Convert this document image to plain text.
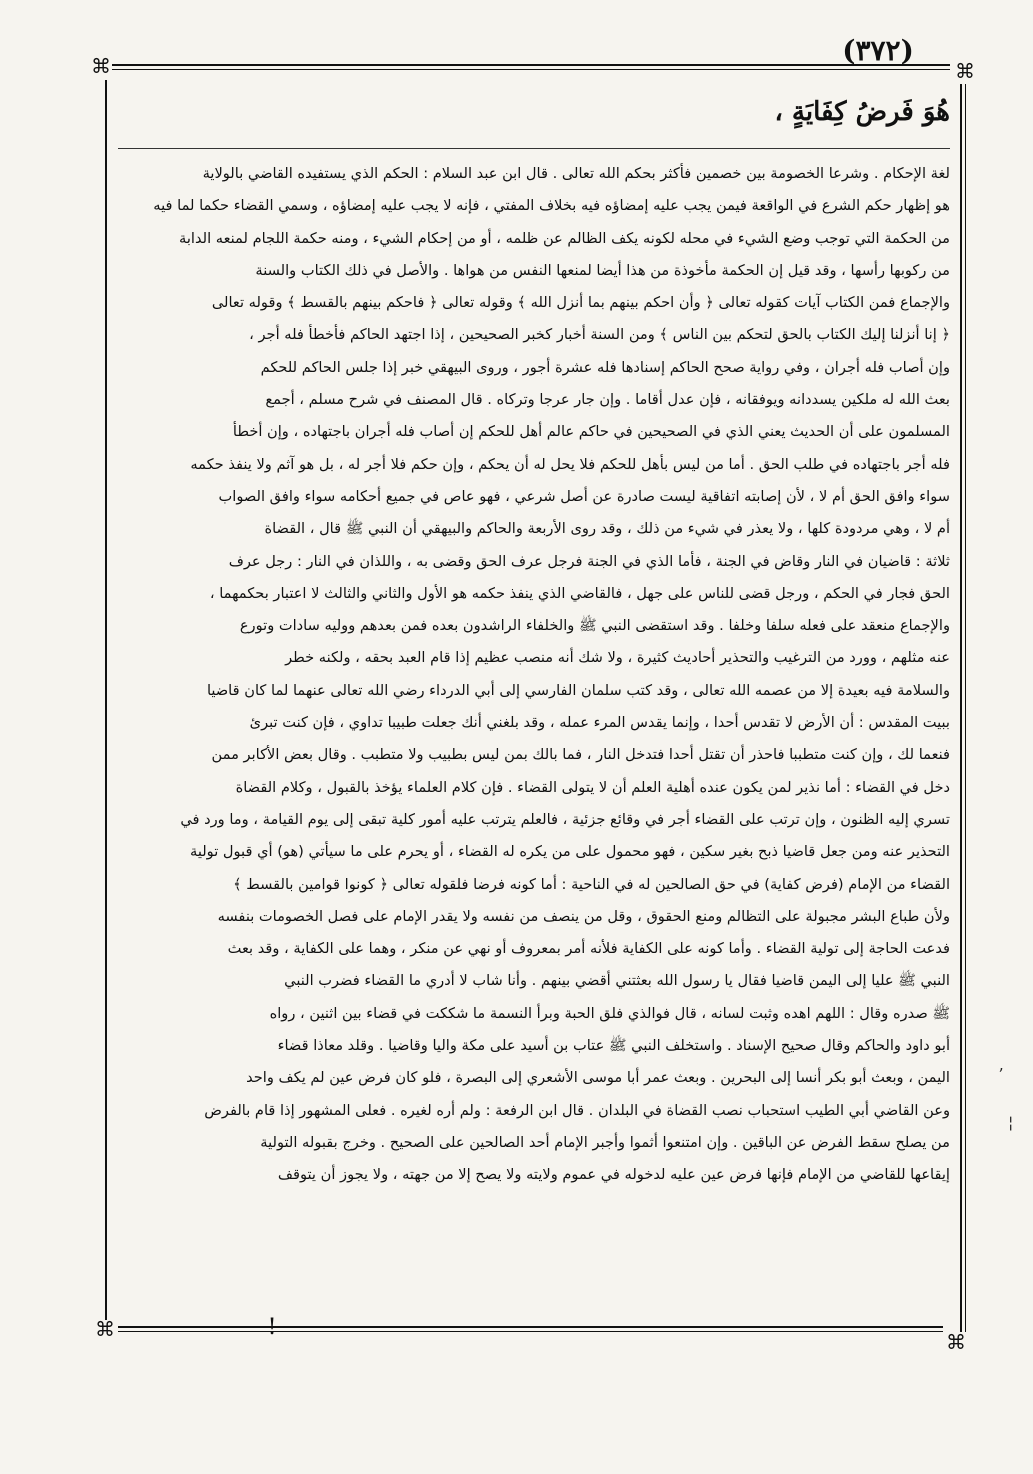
⌘	⌘
⌘
⌘
(٣٧٢)
هُوَ فَرضُ كِفَايَةٍ ،
لغة الإحكام . وشرعا الخصومة بين خصمين فأكثر بحكم الله تعالى . قال ابن عبد السلام : الحكم الذي يستفيده القاضي بالولاية
هو إظهار حكم الشرع في الواقعة فيمن يجب عليه إمضاؤه فيه بخلاف المفتي ، فإنه لا يجب عليه إمضاؤه ، وسمي القضاء حكما لما فيه
من الحكمة التي توجب وضع الشيء في محله لكونه يكف الظالم عن ظلمه ، أو من إحكام الشيء ، ومنه حكمة اللجام لمنعه الدابة
من ركوبها رأسها ، وقد قيل إن الحكمة مأخوذة من هذا أيضا لمنعها النفس من هواها . والأصل في ذلك الكتاب والسنة
والإجماع فمن الكتاب آيات كقوله تعالى ﴿ وأن احكم بينهم بما أنزل الله ﴾ وقوله تعالى ﴿ فاحكم بينهم بالقسط ﴾ وقوله تعالى
﴿ إنا أنزلنا إليك الكتاب بالحق لتحكم بين الناس ﴾ ومن السنة أخبار كخبر الصحيحين ، إذا اجتهد الحاكم فأخطأ فله أجر ،
وإن أصاب فله أجران ، وفي رواية صحح الحاكم إسنادها فله عشرة أجور ، وروى البيهقي خبر إذا جلس الحاكم للحكم
بعث الله له ملكين يسددانه ويوفقانه ، فإن عدل أقاما . وإن جار عرجا وتركاه . قال المصنف في شرح مسلم ، أجمع
المسلمون على أن الحديث يعني الذي في الصحيحين في حاكم عالم أهل للحكم إن أصاب فله أجران باجتهاده ، وإن أخطأ
فله أجر باجتهاده في طلب الحق . أما من ليس بأهل للحكم فلا يحل له أن يحكم ، وإن حكم فلا أجر له ، بل هو آثم ولا ينفذ حكمه
سواء وافق الحق أم لا ، لأن إصابته اتفاقية ليست صادرة عن أصل شرعي ، فهو عاص في جميع أحكامه سواء وافق الصواب
أم لا ، وهي مردودة كلها ، ولا يعذر في شيء من ذلك ، وقد روى الأربعة والحاكم والبيهقي أن النبي ﷺ قال ، القضاة
ثلاثة : قاضيان في النار وقاض في الجنة ، فأما الذي في الجنة فرجل عرف الحق وقضى به ، واللذان في النار : رجل عرف
الحق فجار في الحكم ، ورجل قضى للناس على جهل ، فالقاضي الذي ينفذ حكمه هو الأول والثاني والثالث لا اعتبار بحكمهما ،
والإجماع منعقد على فعله سلفا وخلفا . وقد استقضى النبي ﷺ والخلفاء الراشدون بعده فمن بعدهم ووليه سادات وتورع
عنه مثلهم ، وورد من الترغيب والتحذير أحاديث كثيرة ، ولا شك أنه منصب عظيم إذا قام العبد بحقه ، ولكنه خطر
والسلامة فيه بعيدة إلا من عصمه الله تعالى ، وقد كتب سلمان الفارسي إلى أبي الدرداء رضي الله تعالى عنهما لما كان قاضيا
ببيت المقدس : أن الأرض لا تقدس أحدا ، وإنما يقدس المرء عمله ، وقد بلغني أنك جعلت طبيبا تداوي ، فإن كنت تبرئ
فنعما لك ، وإن كنت متطببا فاحذر أن تقتل أحدا فتدخل النار ، فما بالك بمن ليس بطبيب ولا متطبب . وقال بعض الأكابر ممن
دخل في القضاء : أما نذير لمن يكون عنده أهلية العلم أن لا يتولى القضاء . فإن كلام العلماء يؤخذ بالقبول ، وكلام القضاة
تسري إليه الظنون ، وإن ترتب على القضاء أجر في وقائع جزئية ، فالعلم يترتب عليه أمور كلية تبقى إلى يوم القيامة ، وما ورد في
التحذير عنه ومن جعل قاضيا ذبح بغير سكين ، فهو محمول على من يكره له القضاء ، أو يحرم على ما سيأتي (هو) أي قبول تولية
القضاء من الإمام (فرض كفاية) في حق الصالحين له في الناحية : أما كونه فرضا فلقوله تعالى ﴿ كونوا قوامين بالقسط ﴾
ولأن طباع البشر مجبولة على التظالم ومنع الحقوق ، وقل من ينصف من نفسه ولا يقدر الإمام على فصل الخصومات بنفسه
فدعت الحاجة إلى تولية القضاء . وأما كونه على الكفاية فلأنه أمر بمعروف أو نهي عن منكر ، وهما على الكفاية ، وقد بعث
النبي ﷺ عليا إلى اليمن قاضيا فقال يا رسول الله بعثتني أقضي بينهم . وأنا شاب لا أدري ما القضاء فضرب النبي
ﷺ صدره وقال : اللهم اهده وثبت لسانه ، قال فوالذي فلق الحبة وبرأ النسمة ما شككت في قضاء بين اثنين ، رواه
أبو داود والحاكم وقال صحيح الإسناد . واستخلف النبي ﷺ عتاب بن أسيد على مكة واليا وقاضيا . وقلد معاذا قضاء
اليمن ، وبعث أبو بكر أنسا إلى البحرين . وبعث عمر أبا موسى الأشعري إلى البصرة ، فلو كان فرض عين لم يكف واحد
وعن القاضي أبي الطيب استحباب نصب القضاة في البلدان . قال ابن الرفعة : ولم أره لغيره . فعلى المشهور إذا قام بالفرض
من يصلح سقط الفرض عن الباقين . وإن امتنعوا أثموا وأجبر الإمام أحد الصالحين على الصحيح . وخرج بقبوله التولية
إيقاعها للقاضي من الإمام فإنها فرض عين عليه لدخوله في عموم ولايته ولا يصح إلا من جهته ، ولا يجوز أن يتوقف
!
ʼ
¦
